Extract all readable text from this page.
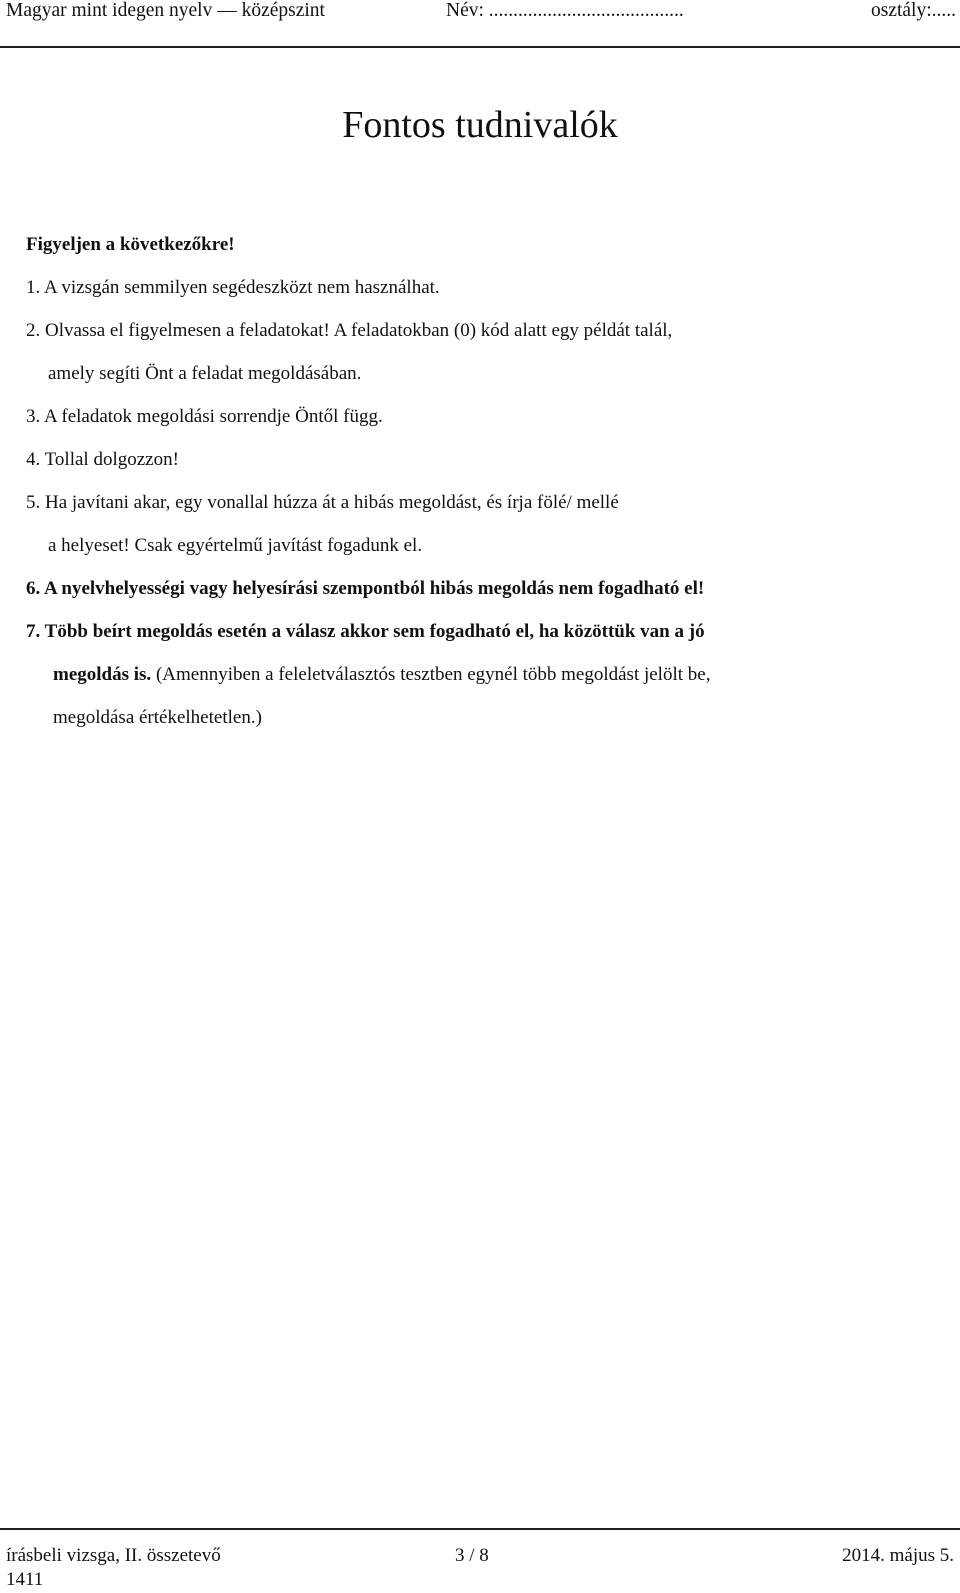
Magyar mint idegen nyelv — középszint	Név: ........................................	osztály:.....
Fontos tudnivalók
Figyeljen a következőkre!
1. A vizsgán semmilyen segédeszközt nem használhat.
2. Olvassa el figyelmesen a feladatokat! A feladatokban (0) kód alatt egy példát talál,
amely segíti Önt a feladat megoldásában.
3. A feladatok megoldási sorrendje Öntől függ.
4. Tollal dolgozzon!
5. Ha javítani akar, egy vonallal húzza át a hibás megoldást, és írja fölé/ mellé
a helyeset! Csak egyértelmű javítást fogadunk el.
6. A nyelvhelyességi vagy helyesírási szempontból hibás megoldás nem fogadható el!
7. Több beírt megoldás esetén a válasz akkor sem fogadható el, ha közöttük van a jó
megoldás is. (Amennyiben a feleletválasztós tesztben egynél több megoldást jelölt be,
megoldása értékelhetetlen.)
írásbeli vizsga, II. összetevő	3 / 8	2014. május 5.
1411
